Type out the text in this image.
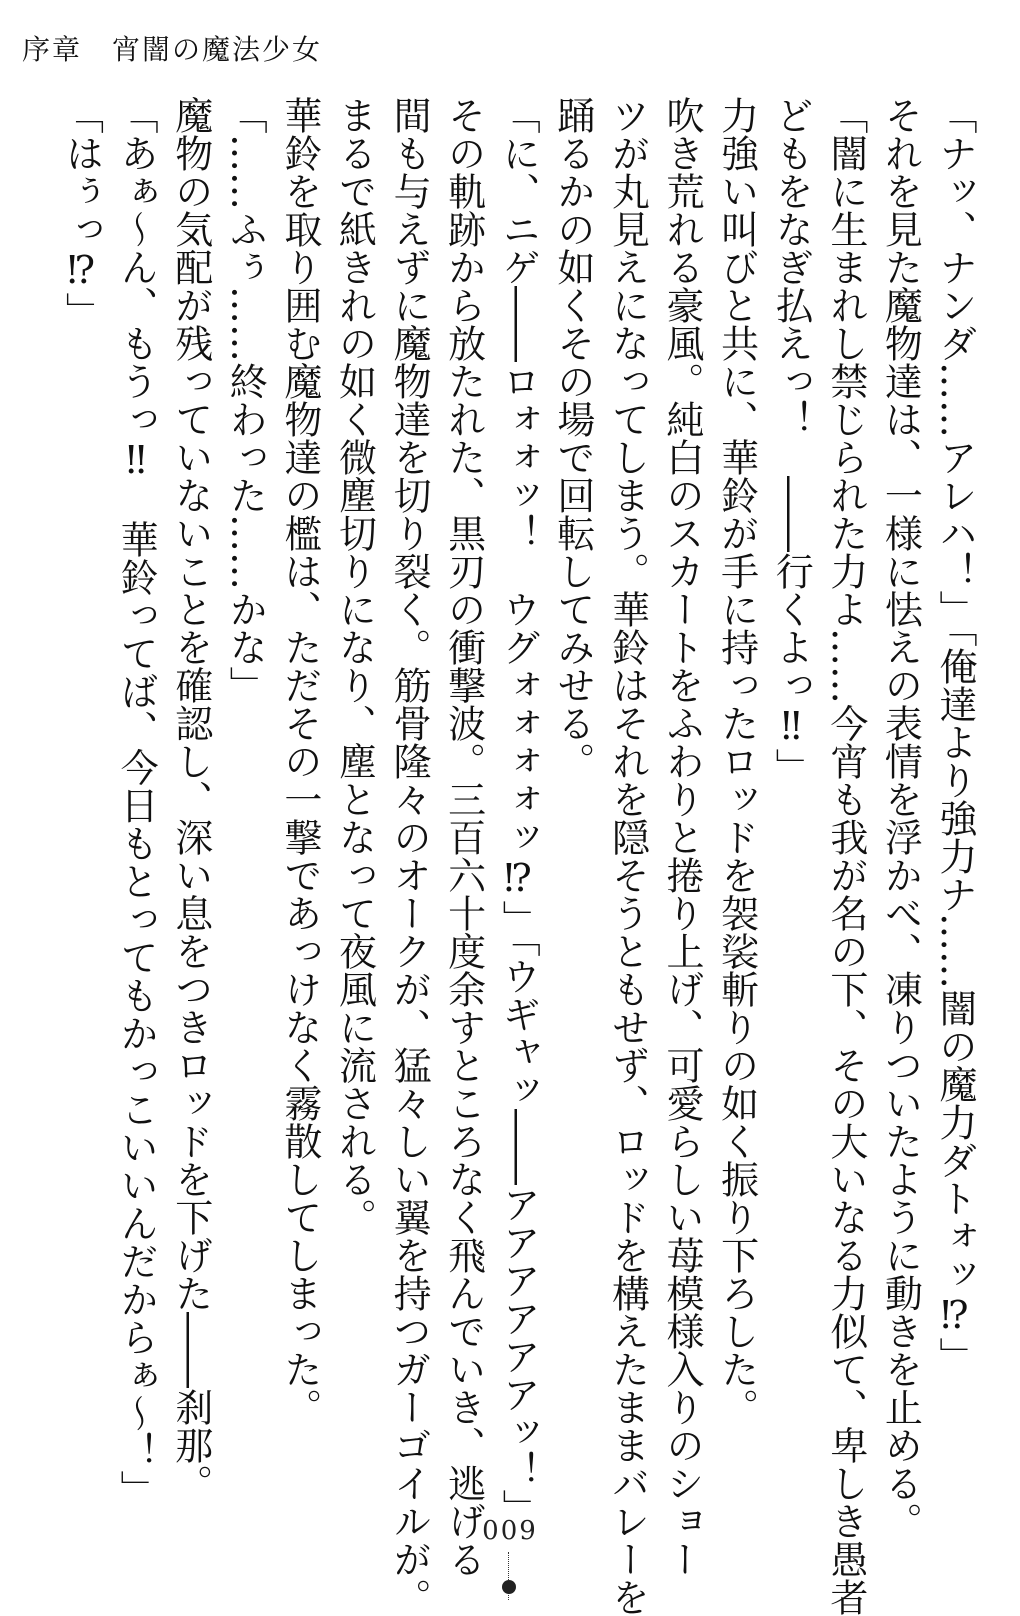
序章　宵闇の魔法少女
「ナッ、ナンダ……アレハ！」「俺達より強力ナ……闇の魔力ダトォッ⁉」
それを見た魔物達は、一様に怯えの表情を浮かべ、凍りついたように動きを止める。
「闇に生まれし禁じられた力よ……今宵も我が名の下、その大いなる力似て、卑しき愚者
どもをなぎ払えっ！　――行くよっ‼」
力強い叫びと共に、華鈴が手に持ったロッドを袈裟斬りの如く振り下ろした。
吹き荒れる豪風。純白のスカートをふわりと捲り上げ、可愛らしい苺模様入りのショー
ツが丸見えになってしまう。華鈴はそれを隠そうともせず、ロッドを構えたままバレーを
踊るかの如くその場で回転してみせる。
「に、ニゲ――ロォォッ！　ウグォォォォッ⁉」「ウギャッ――アアアアアアッ！」
その軌跡から放たれた、黒刃の衝撃波。三百六十度余すところなく飛んでいき、逃げる
間も与えずに魔物達を切り裂く。筋骨隆々のオークが、猛々しい翼を持つガーゴイルが。
まるで紙きれの如く微塵切りになり、塵となって夜風に流される。
華鈴を取り囲む魔物達の檻は、ただその一撃であっけなく霧散してしまった。
「……ふぅ……終わった……かな」
魔物の気配が残っていないことを確認し、深い息をつきロッドを下げた――刹那。
「あぁ～ん、もうっ‼　華鈴ってば、今日もとってもかっこいいんだからぁ～！」
「はぅっ⁉」
009
